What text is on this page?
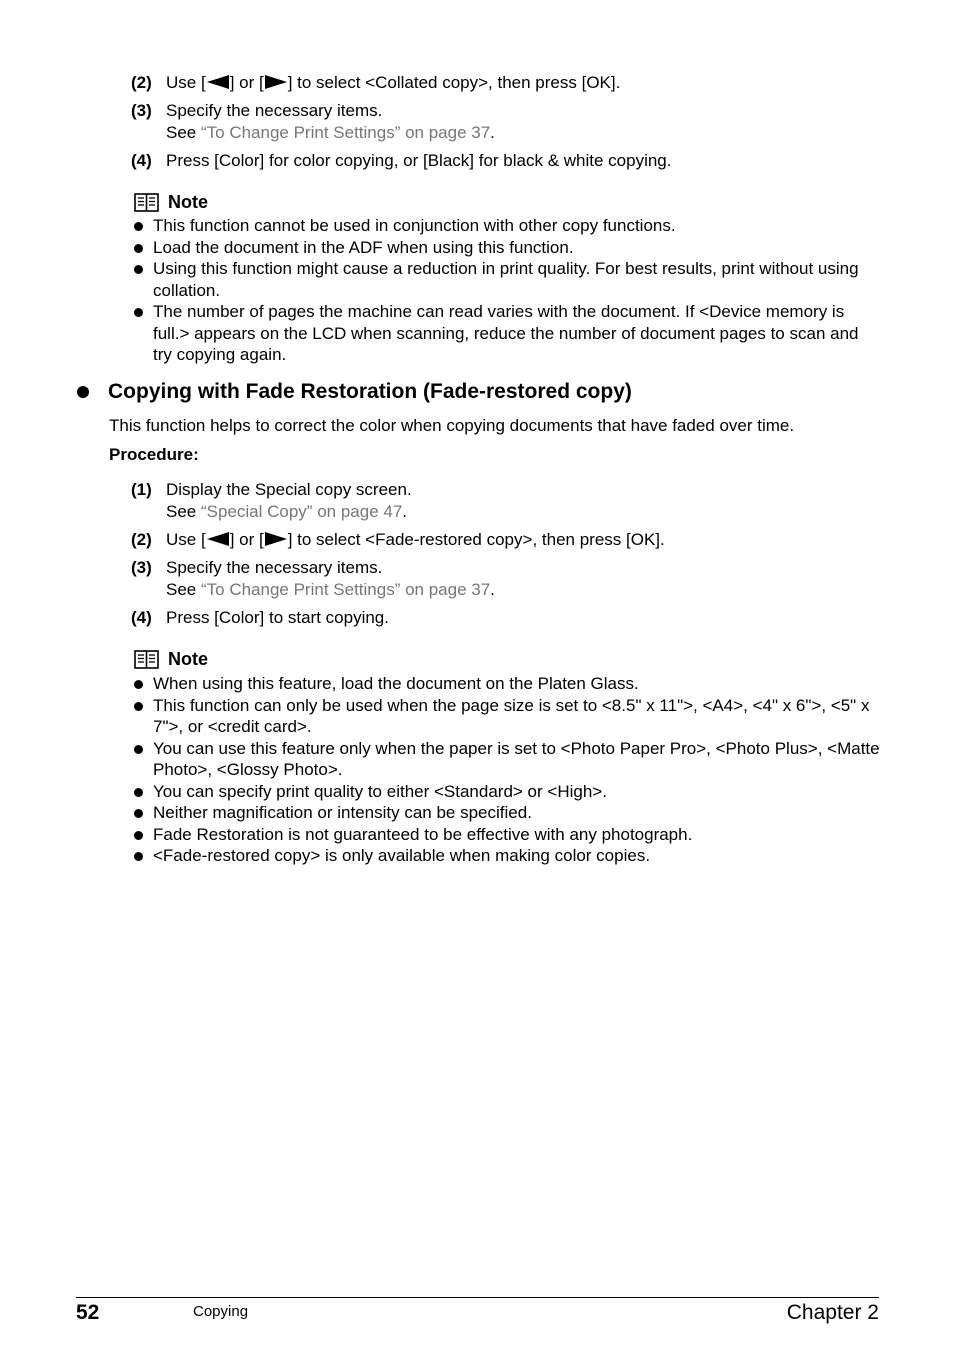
(2) Use [ ] or [ ] to select <Collated copy>, then press [OK].
(3) Specify the necessary items.
See “To Change Print Settings” on page 37.
(4) Press [Color] for color copying, or [Black] for black & white copying.
Note
This function cannot be used in conjunction with other copy functions.
Load the document in the ADF when using this function.
Using this function might cause a reduction in print quality. For best results, print without using collation.
The number of pages the machine can read varies with the document. If <Device memory is full.> appears on the LCD when scanning, reduce the number of document pages to scan and try copying again.
Copying with Fade Restoration (Fade-restored copy)
This function helps to correct the color when copying documents that have faded over time.
Procedure:
(1) Display the Special copy screen.
See “Special Copy” on page 47.
(2) Use [ ] or [ ] to select <Fade-restored copy>, then press [OK].
(3) Specify the necessary items.
See “To Change Print Settings” on page 37.
(4) Press [Color] to start copying.
Note
When using this feature, load the document on the Platen Glass.
This function can only be used when the page size is set to <8.5" x 11">, <A4>, <4" x 6">, <5" x 7">, or <credit card>.
You can use this feature only when the paper is set to <Photo Paper Pro>, <Photo Plus>, <Matte Photo>, <Glossy Photo>.
You can specify print quality to either <Standard> or <High>.
Neither magnification or intensity can be specified.
Fade Restoration is not guaranteed to be effective with any photograph.
<Fade-restored copy> is only available when making color copies.
52	Copying	Chapter 2
